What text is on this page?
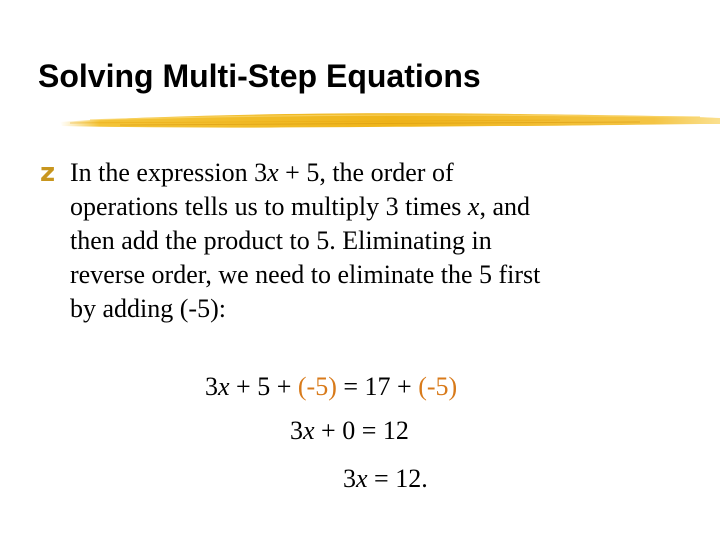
Solving Multi-Step Equations
z In the expression 3x + 5, the order of
operations tells us to multiply 3 times x, and
then add the product to 5. Eliminating in
reverse order, we need to eliminate the 5 first
by adding (-5):
3x + 5 + (-5) = 17 + (-5)
3x + 0 = 12
3x = 12.
